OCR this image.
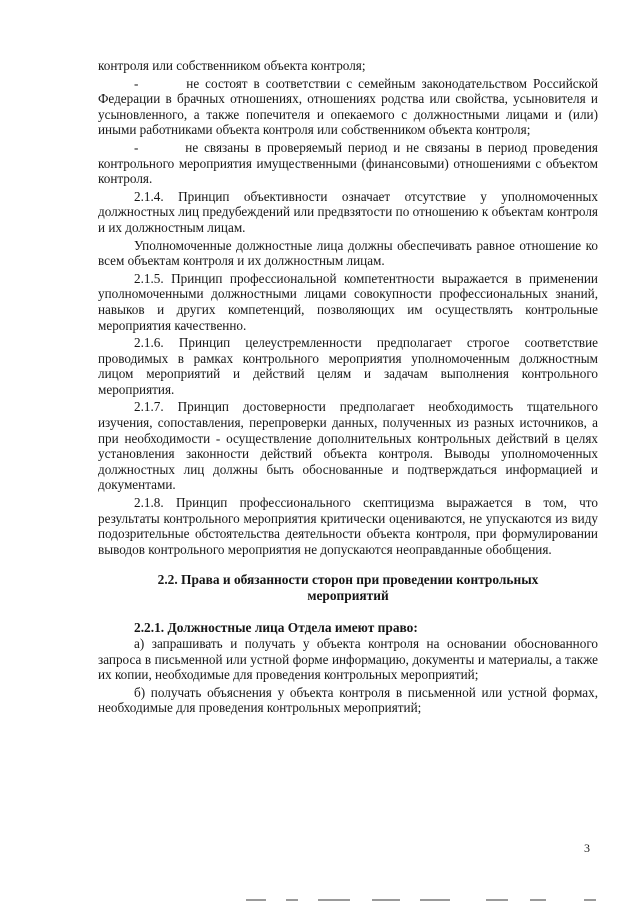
контроля или собственником объекта контроля;

-        не состоят в соответствии с семейным законодательством Российской Федерации в брачных отношениях, отношениях родства или свойства, усыновителя и усыновленного, а также попечителя и опекаемого с должностными лицами и (или) иными работниками объекта контроля или собственником объекта контроля;

-        не связаны в проверяемый период и не связаны в период проведения контрольного мероприятия имущественными (финансовыми) отношениями с объектом контроля.

2.1.4. Принцип объективности означает отсутствие у уполномоченных должностных лиц предубеждений или предвзятости по отношению к объектам контроля и их должностным лицам.

Уполномоченные должностные лица должны обеспечивать равное отношение ко всем объектам контроля и их должностным лицам.

2.1.5. Принцип профессиональной компетентности выражается в применении уполномоченными должностными лицами совокупности профессиональных знаний, навыков и других компетенций, позволяющих им осуществлять контрольные мероприятия качественно.

2.1.6. Принцип целеустремленности предполагает строгое соответствие проводимых в рамках контрольного мероприятия уполномоченным должностным лицом мероприятий и действий целям и задачам выполнения контрольного мероприятия.

2.1.7. Принцип достоверности предполагает необходимость тщательного изучения, сопоставления, перепроверки данных, полученных из разных источников, а при необходимости - осуществление дополнительных контрольных действий в целях установления законности действий объекта контроля. Выводы уполномоченных должностных лиц должны быть обоснованные и подтверждаться информацией и документами.

2.1.8. Принцип профессионального скептицизма выражается в том, что результаты контрольного мероприятия критически оцениваются, не упускаются из виду подозрительные обстоятельства деятельности объекта контроля, при формулировании выводов контрольного мероприятия не допускаются неоправданные обобщения.

2.2. Права и обязанности сторон при проведении контрольных мероприятий

2.2.1. Должностные лица Отдела имеют право:

а) запрашивать и получать у объекта контроля на основании обоснованного запроса в письменной или устной форме информацию, документы и материалы, а также их копии, необходимые для проведения контрольных мероприятий;

б) получать объяснения у объекта контроля в письменной или устной формах, необходимые для проведения контрольных мероприятий;

3
